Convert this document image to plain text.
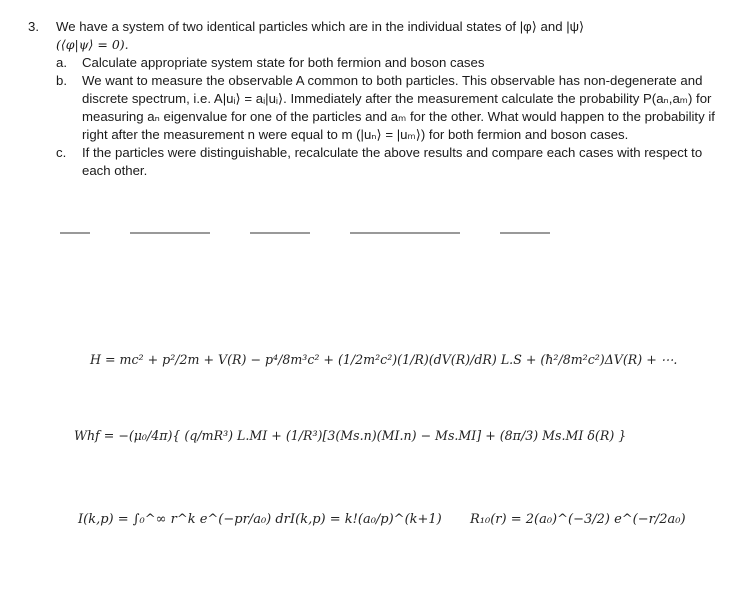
3.	We have a system of two identical particles which are in the individual states of |φ⟩ and |ψ⟩
(⟨φ|ψ⟩ = 0).
a.	Calculate appropriate system state for both fermion and boson cases
b.	We want to measure the observable A common to both particles. This observable has non-degenerate and discrete spectrum, i.e. A|uᵢ⟩ = aᵢ|uᵢ⟩. Immediately after the measurement calculate the probability P(aₙ,aₘ) for measuring aₙ eigenvalue for one of the particles and aₘ for the other. What would happen to the probability if right after the measurement n were equal to m (|uₙ⟩ = |uₘ⟩) for both fermion and boson cases.
c.	If the particles were distinguishable, recalculate the above results and compare each cases with respect to each other.
H = mc² + p²/2m + V(R) − p⁴/8m³c² + (1/2m²c²)(1/R)(dV(R)/dR) L.S + (ħ²/8m²c²)ΔV(R) + ⋯.
Whf = −(μ₀/4π){ (q/mR³) L.MI + (1/R³)[3(Ms.n)(MI.n) − Ms.MI] + (8π/3) Ms.MI δ(R) }
I(k,p) = ∫₀^∞ r^k e^(−pr/a₀) dr I(k,p) = k!(a₀/p)^(k+1) R₁₀(r) = 2(a₀)^(−3/2) e^(−r/2a₀)
